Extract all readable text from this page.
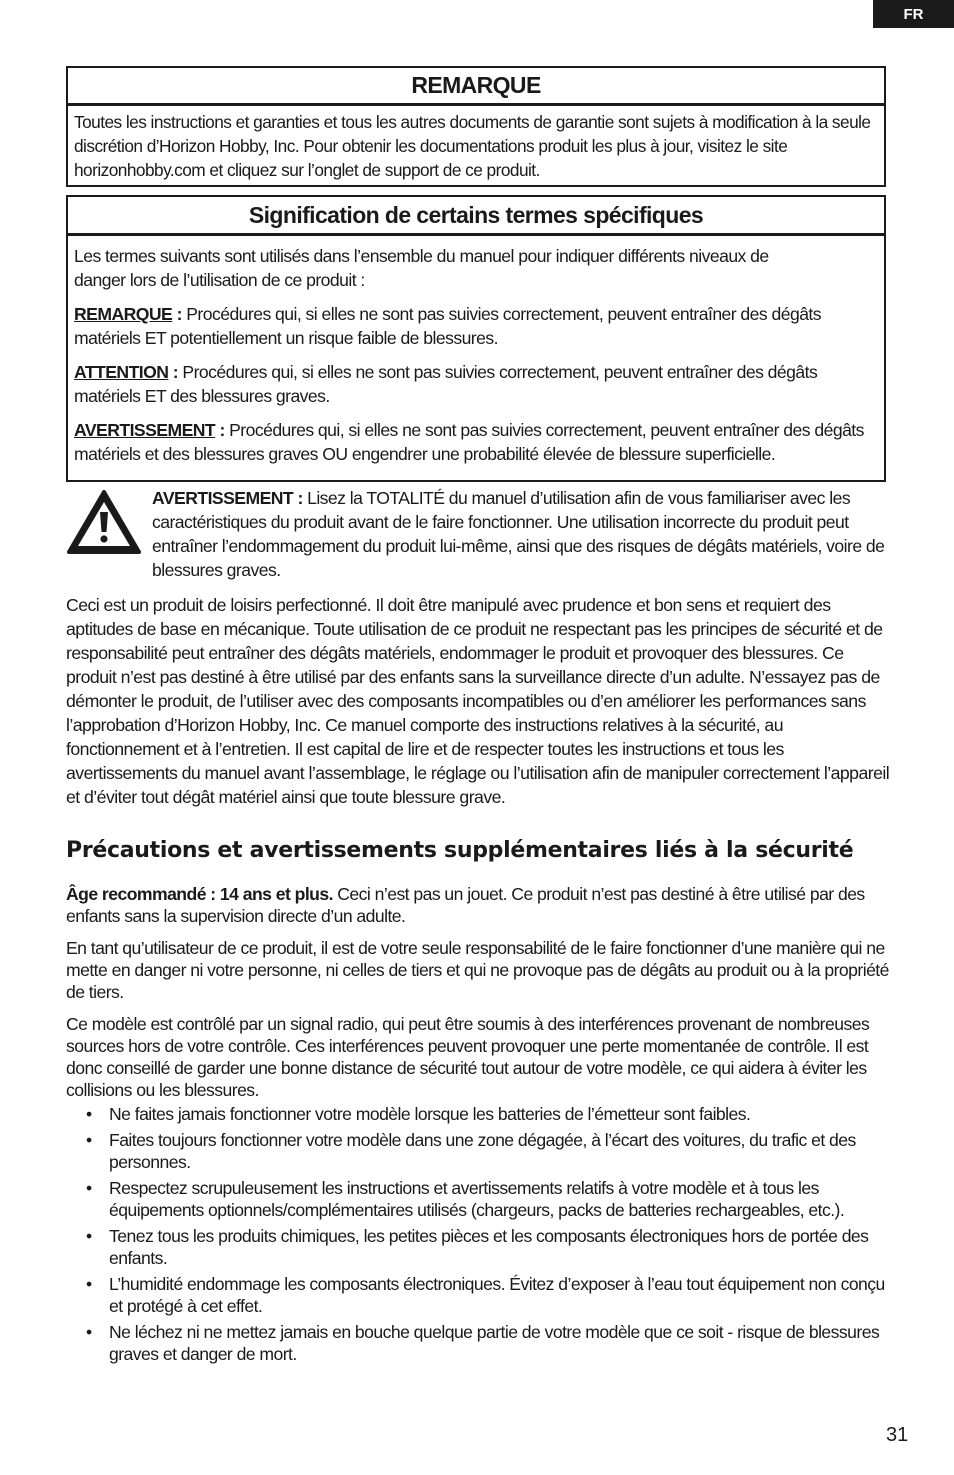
FR
REMARQUE

Toutes les instructions et garanties et tous les autres documents de garantie sont sujets à modification à la seule discrétion d’Horizon Hobby, Inc. Pour obtenir les documentations produit les plus à jour, visitez le site horizonhobby.com et cliquez sur l’onglet de support de ce produit.

Signification de certains termes spécifiques

Les termes suivants sont utilisés dans l’ensemble du manuel pour indiquer différents niveaux de danger lors de l’utilisation de ce produit :

REMARQUE : Procédures qui, si elles ne sont pas suivies correctement, peuvent entraîner des dégâts matériels ET potentiellement un risque faible de blessures.

ATTENTION : Procédures qui, si elles ne sont pas suivies correctement, peuvent entraîner des dégâts matériels ET des blessures graves.

AVERTISSEMENT : Procédures qui, si elles ne sont pas suivies correctement, peuvent entraîner des dégâts matériels et des blessures graves OU engendrer une probabilité élevée de blessure superficielle.

AVERTISSEMENT : Lisez la TOTALITÉ du manuel d’utilisation afin de vous familiariser avec les caractéristiques du produit avant de le faire fonctionner. Une utilisation incorrecte du produit peut entraîner l’endommagement du produit lui-même, ainsi que des risques de dégâts matériels, voire de blessures graves.

Ceci est un produit de loisirs perfectionné. Il doit être manipulé avec prudence et bon sens et requiert des aptitudes de base en mécanique. Toute utilisation de ce produit ne respectant pas les principes de sécurité et de responsabilité peut entraîner des dégâts matériels, endommager le produit et provoquer des blessures. Ce produit n’est pas destiné à être utilisé par des enfants sans la surveillance directe d’un adulte. N’essayez pas de démonter le produit, de l’utiliser avec des composants incompatibles ou d’en améliorer les performances sans l’approbation d’Horizon Hobby, Inc. Ce manuel comporte des instructions relatives à la sécurité, au fonctionnement et à l’entretien. Il est capital de lire et de respecter toutes les instructions et tous les avertissements du manuel avant l’assemblage, le réglage ou l’utilisation afin de manipuler correctement l’appareil et d’éviter tout dégât matériel ainsi que toute blessure grave.

Précautions et avertissements supplémentaires liés à la sécurité

Âge recommandé : 14 ans et plus. Ceci n’est pas un jouet. Ce produit n’est pas destiné à être utilisé par des enfants sans la supervision directe d’un adulte.

En tant qu’utilisateur de ce produit, il est de votre seule responsabilité de le faire fonctionner d’une manière qui ne mette en danger ni votre personne, ni celles de tiers et qui ne provoque pas de dégâts au produit ou à la propriété de tiers.

Ce modèle est contrôlé par un signal radio, qui peut être soumis à des interférences provenant de nombreuses sources hors de votre contrôle. Ces interférences peuvent provoquer une perte momentanée de contrôle. Il est donc conseillé de garder une bonne distance de sécurité tout autour de votre modèle, ce qui aidera à éviter les collisions ou les blessures.

• Ne faites jamais fonctionner votre modèle lorsque les batteries de l’émetteur sont faibles.
• Faites toujours fonctionner votre modèle dans une zone dégagée, à l’écart des voitures, du trafic et des personnes.
• Respectez scrupuleusement les instructions et avertissements relatifs à votre modèle et à tous les équipements optionnels/complémentaires utilisés (chargeurs, packs de batteries rechargeables, etc.).
• Tenez tous les produits chimiques, les petites pièces et les composants électroniques hors de portée des enfants.
• L’humidité endommage les composants électroniques. Évitez d’exposer à l’eau tout équipement non conçu et protégé à cet effet.
• Ne léchez ni ne mettez jamais en bouche quelque partie de votre modèle que ce soit - risque de blessures graves et danger de mort.
31
